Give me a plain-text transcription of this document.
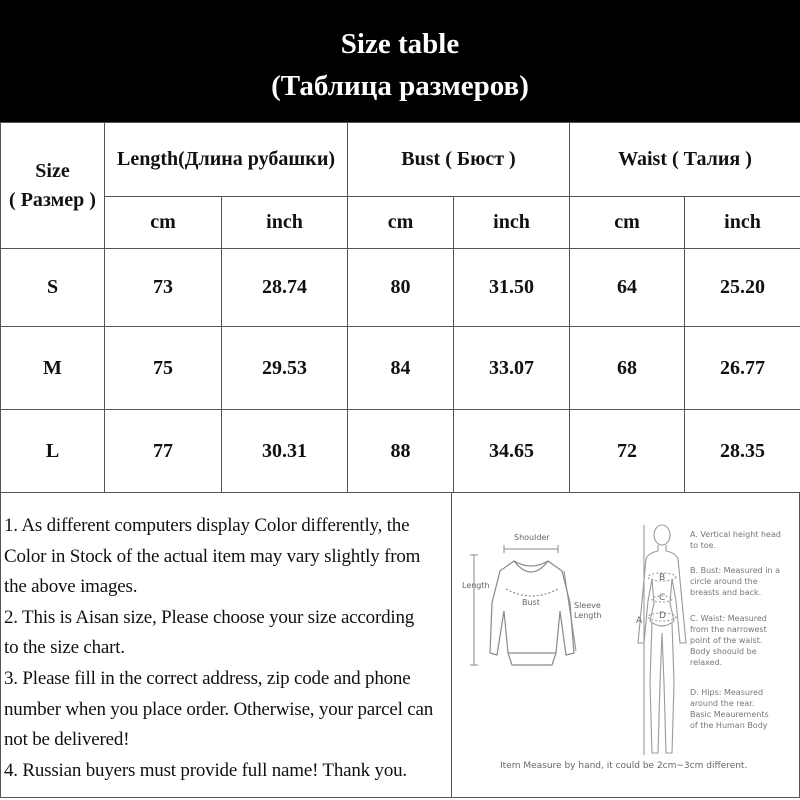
Size table
(Таблица размеров)
Size
( Размер )	Length(Длина рубашки)		Bust ( Бюст )		Waist ( Талия )	
	cm	inch	cm	inch	cm	inch
S	73	28.74	80	31.50	64	25.20
M	75	29.53	84	33.07	68	26.77
L	77	30.31	88	34.65	72	28.35

1. As different computers display Color differently, the

Color in Stock of the actual item may vary slightly from

the above images.

2. This is Aisan size, Please choose your size according

to the size chart.

3. Please fill in the correct address, zip code and phone

number when you place order. Otherwise, your parcel can

not be delivered!

4. Russian buyers must provide full name! Thank you.

Shoulder
Length
Bust	Sleeve
Length
A
B
C
D
A. Vertical height head
to toe.
B. Bust: Measured in a
circle around the
breasts and back.
C. Waist: Measured
from the narrowest
point of the waist.
Body shoould be
relaxed.
D. Hips: Measured
around the rear.
Basic Meaurements
of the Human Body
Item Measure by hand, it could be 2cm~3cm different.
